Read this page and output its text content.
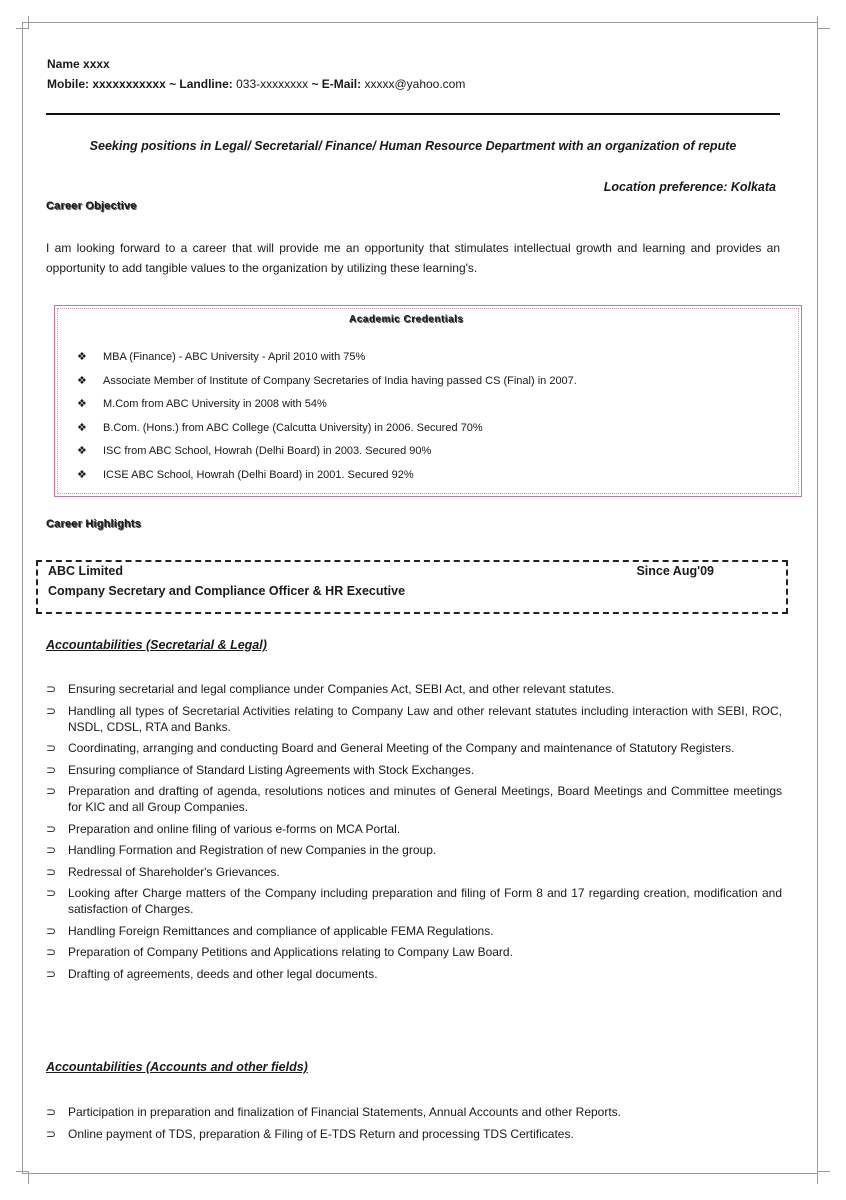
Name xxxx
Mobile: xxxxxxxxxxx ~ Landline: 033-xxxxxxxx ~ E-Mail: xxxxx@yahoo.com
Seeking positions in Legal/ Secretarial/ Finance/ Human Resource Department with an organization of repute
Location preference: Kolkata
Career Objective
I am looking forward to a career that will provide me an opportunity that stimulates intellectual growth and learning and provides an opportunity to add tangible values to the organization by utilizing these learning's.
Academic Credentials
❖ MBA (Finance) - ABC University - April 2010 with 75%
❖ Associate Member of Institute of Company Secretaries of India having passed CS (Final) in 2007.
❖ M.Com from ABC University in 2008 with 54%
❖ B.Com. (Hons.) from ABC College (Calcutta University) in 2006. Secured 70%
❖ ISC from ABC School, Howrah (Delhi Board) in 2003. Secured 90%
❖ ICSE ABC School, Howrah (Delhi Board) in 2001. Secured 92%
Career Highlights
ABC Limited	Since Aug'09
Company Secretary and Compliance Officer & HR Executive
Accountabilities (Secretarial & Legal)
⊃ Ensuring secretarial and legal compliance under Companies Act, SEBI Act, and other relevant statutes.
⊃ Handling all types of Secretarial Activities relating to Company Law and other relevant statutes including interaction with SEBI, ROC, NSDL, CDSL, RTA and Banks.
⊃ Coordinating, arranging and conducting Board and General Meeting of the Company and maintenance of Statutory Registers.
⊃ Ensuring compliance of Standard Listing Agreements with Stock Exchanges.
⊃ Preparation and drafting of agenda, resolutions notices and minutes of General Meetings, Board Meetings and Committee meetings for KIC and all Group Companies.
⊃ Preparation and online filing of various e-forms on MCA Portal.
⊃ Handling Formation and Registration of new Companies in the group.
⊃ Redressal of Shareholder's Grievances.
⊃ Looking after Charge matters of the Company including preparation and filing of Form 8 and 17 regarding creation, modification and satisfaction of Charges.
⊃ Handling Foreign Remittances and compliance of applicable FEMA Regulations.
⊃ Preparation of Company Petitions and Applications relating to Company Law Board.
⊃ Drafting of agreements, deeds and other legal documents.
Accountabilities (Accounts and other fields)
⊃ Participation in preparation and finalization of Financial Statements, Annual Accounts and other Reports.
⊃ Online payment of TDS, preparation & Filing of E-TDS Return and processing TDS Certificates.
